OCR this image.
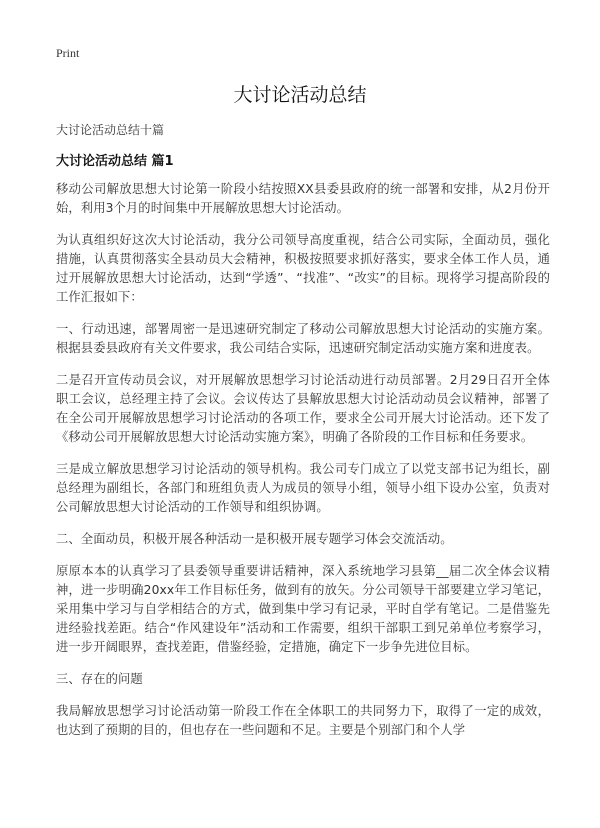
Print
大讨论活动总结
大讨论活动总结十篇
大讨论活动总结 篇1

移动公司解放思想大讨论第一阶段小结按照XX县委县政府的统一部署和安排，从2月份开始，利用3个月的时间集中开展解放思想大讨论活动。

为认真组织好这次大讨论活动，我分公司领导高度重视，结合公司实际，全面动员，强化措施，认真贯彻落实全县动员大会精神，积极按照要求抓好落实，要求全体工作人员，通过开展解放思想大讨论活动，达到“学透”、“找准”、“改实”的目标。现将学习提高阶段的工作汇报如下：

一、行动迅速，部署周密一是迅速研究制定了移动公司解放思想大讨论活动的实施方案。根据县委县政府有关文件要求，我公司结合实际，迅速研究制定活动实施方案和进度表。

二是召开宣传动员会议，对开展解放思想学习讨论活动进行动员部署。2月29日召开全体职工会议，总经理主持了会议。会议传达了县解放思想大讨论活动动员会议精神，部署了在全公司开展解放思想学习讨论活动的各项工作，要求全公司开展大讨论活动。还下发了《移动公司开展解放思想大讨论活动实施方案》，明确了各阶段的工作目标和任务要求。

三是成立解放思想学习讨论活动的领导机构。我公司专门成立了以党支部书记为组长，副总经理为副组长，各部门和班组负责人为成员的领导小组，领导小组下设办公室，负责对公司解放思想大讨论活动的工作领导和组织协调。

二、全面动员，积极开展各种活动一是积极开展专题学习体会交流活动。

原原本本的认真学习了县委领导重要讲话精神，深入系统地学习县第__届二次全体会议精神，进一步明确20xx年工作目标任务，做到有的放矢。分公司领导干部要建立学习笔记，采用集中学习与自学相结合的方式，做到集中学习有记录，平时自学有笔记。二是借鉴先进经验找差距。结合“作风建设年”活动和工作需要，组织干部职工到兄弟单位考察学习，进一步开阔眼界，查找差距，借鉴经验，定措施，确定下一步争先进位目标。

三、存在的问题

我局解放思想学习讨论活动第一阶段工作在全体职工的共同努力下，取得了一定的成效，也达到了预期的目的，但也存在一些问题和不足。主要是个别部门和个人学
